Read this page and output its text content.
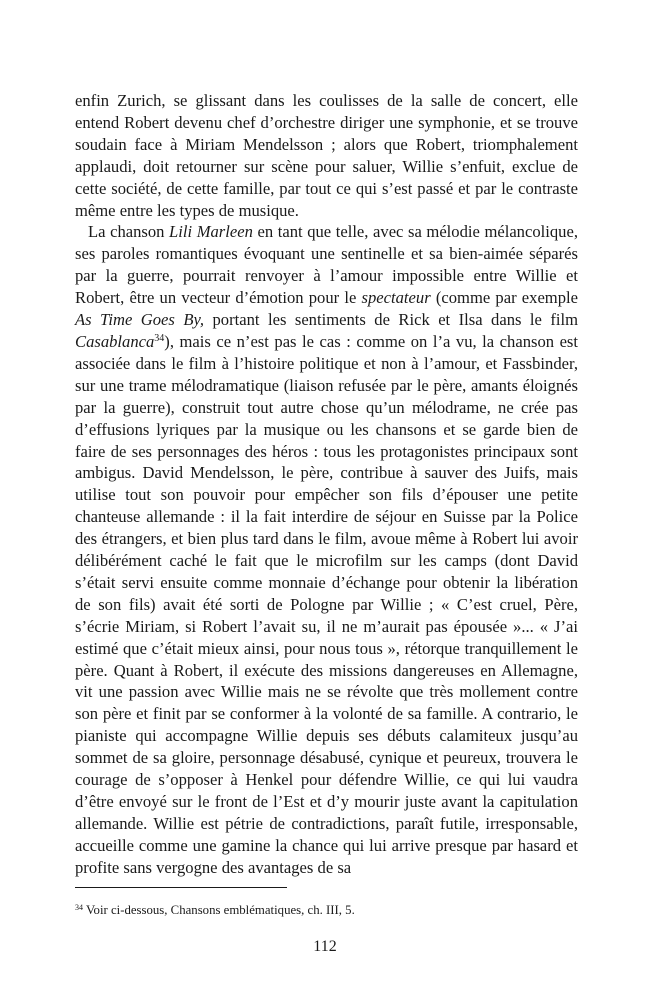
enfin Zurich, se glissant dans les coulisses de la salle de concert, elle entend Robert devenu chef d’orchestre diriger une symphonie, et se trouve soudain face à Miriam Mendelsson ; alors que Robert, triomphalement applaudi, doit retourner sur scène pour saluer, Willie s’enfuit, exclue de cette société, de cette famille, par tout ce qui s’est passé et par le contraste même entre les types de musique.

La chanson Lili Marleen en tant que telle, avec sa mélodie mélancolique, ses paroles romantiques évoquant une sentinelle et sa bien-aimée séparés par la guerre, pourrait renvoyer à l’amour impossible entre Willie et Robert, être un vecteur d’émotion pour le spectateur (comme par exemple As Time Goes By, portant les sentiments de Rick et Ilsa dans le film Casablanca$^{34}$), mais ce n’est pas le cas : comme on l’a vu, la chanson est associée dans le film à l’histoire politique et non à l’amour, et Fassbinder, sur une trame mélodramatique (liaison refusée par le père, amants éloignés par la guerre), construit tout autre chose qu’un mélodrame, ne crée pas d’effusions lyriques par la musique ou les chansons et se garde bien de faire de ses personnages des héros : tous les protagonistes principaux sont ambigus. David Mendelsson, le père, contribue à sauver des Juifs, mais utilise tout son pouvoir pour empêcher son fils d’épouser une petite chanteuse allemande : il la fait interdire de séjour en Suisse par la Police des étrangers, et bien plus tard dans le film, avoue même à Robert lui avoir délibérément caché le fait que le microfilm sur les camps (dont David s’était servi ensuite comme monnaie d’échange pour obtenir la libération de son fils) avait été sorti de Pologne par Willie ; « C’est cruel, Père, s’écrie Miriam, si Robert l’avait su, il ne m’aurait pas épousée »... « J’ai estimé que c’était mieux ainsi, pour nous tous », rétorque tranquillement le père. Quant à Robert, il exécute des missions dangereuses en Allemagne, vit une passion avec Willie mais ne se révolte que très mollement contre son père et finit par se conformer à la volonté de sa famille. A contrario, le pianiste qui accompagne Willie depuis ses débuts calamiteux jusqu’au sommet de sa gloire, personnage désabusé, cynique et peureux, trouvera le courage de s’opposer à Henkel pour défendre Willie, ce qui lui vaudra d’être envoyé sur le front de l’Est et d’y mourir juste avant la capitulation allemande. Willie est pétrie de contradictions, paraît futile, irresponsable, accueille comme une gamine la chance qui lui arrive presque par hasard et profite sans vergogne des avantages de sa

$^{34}$ Voir ci-dessous, Chansons emblématiques, ch. III, 5.
112
